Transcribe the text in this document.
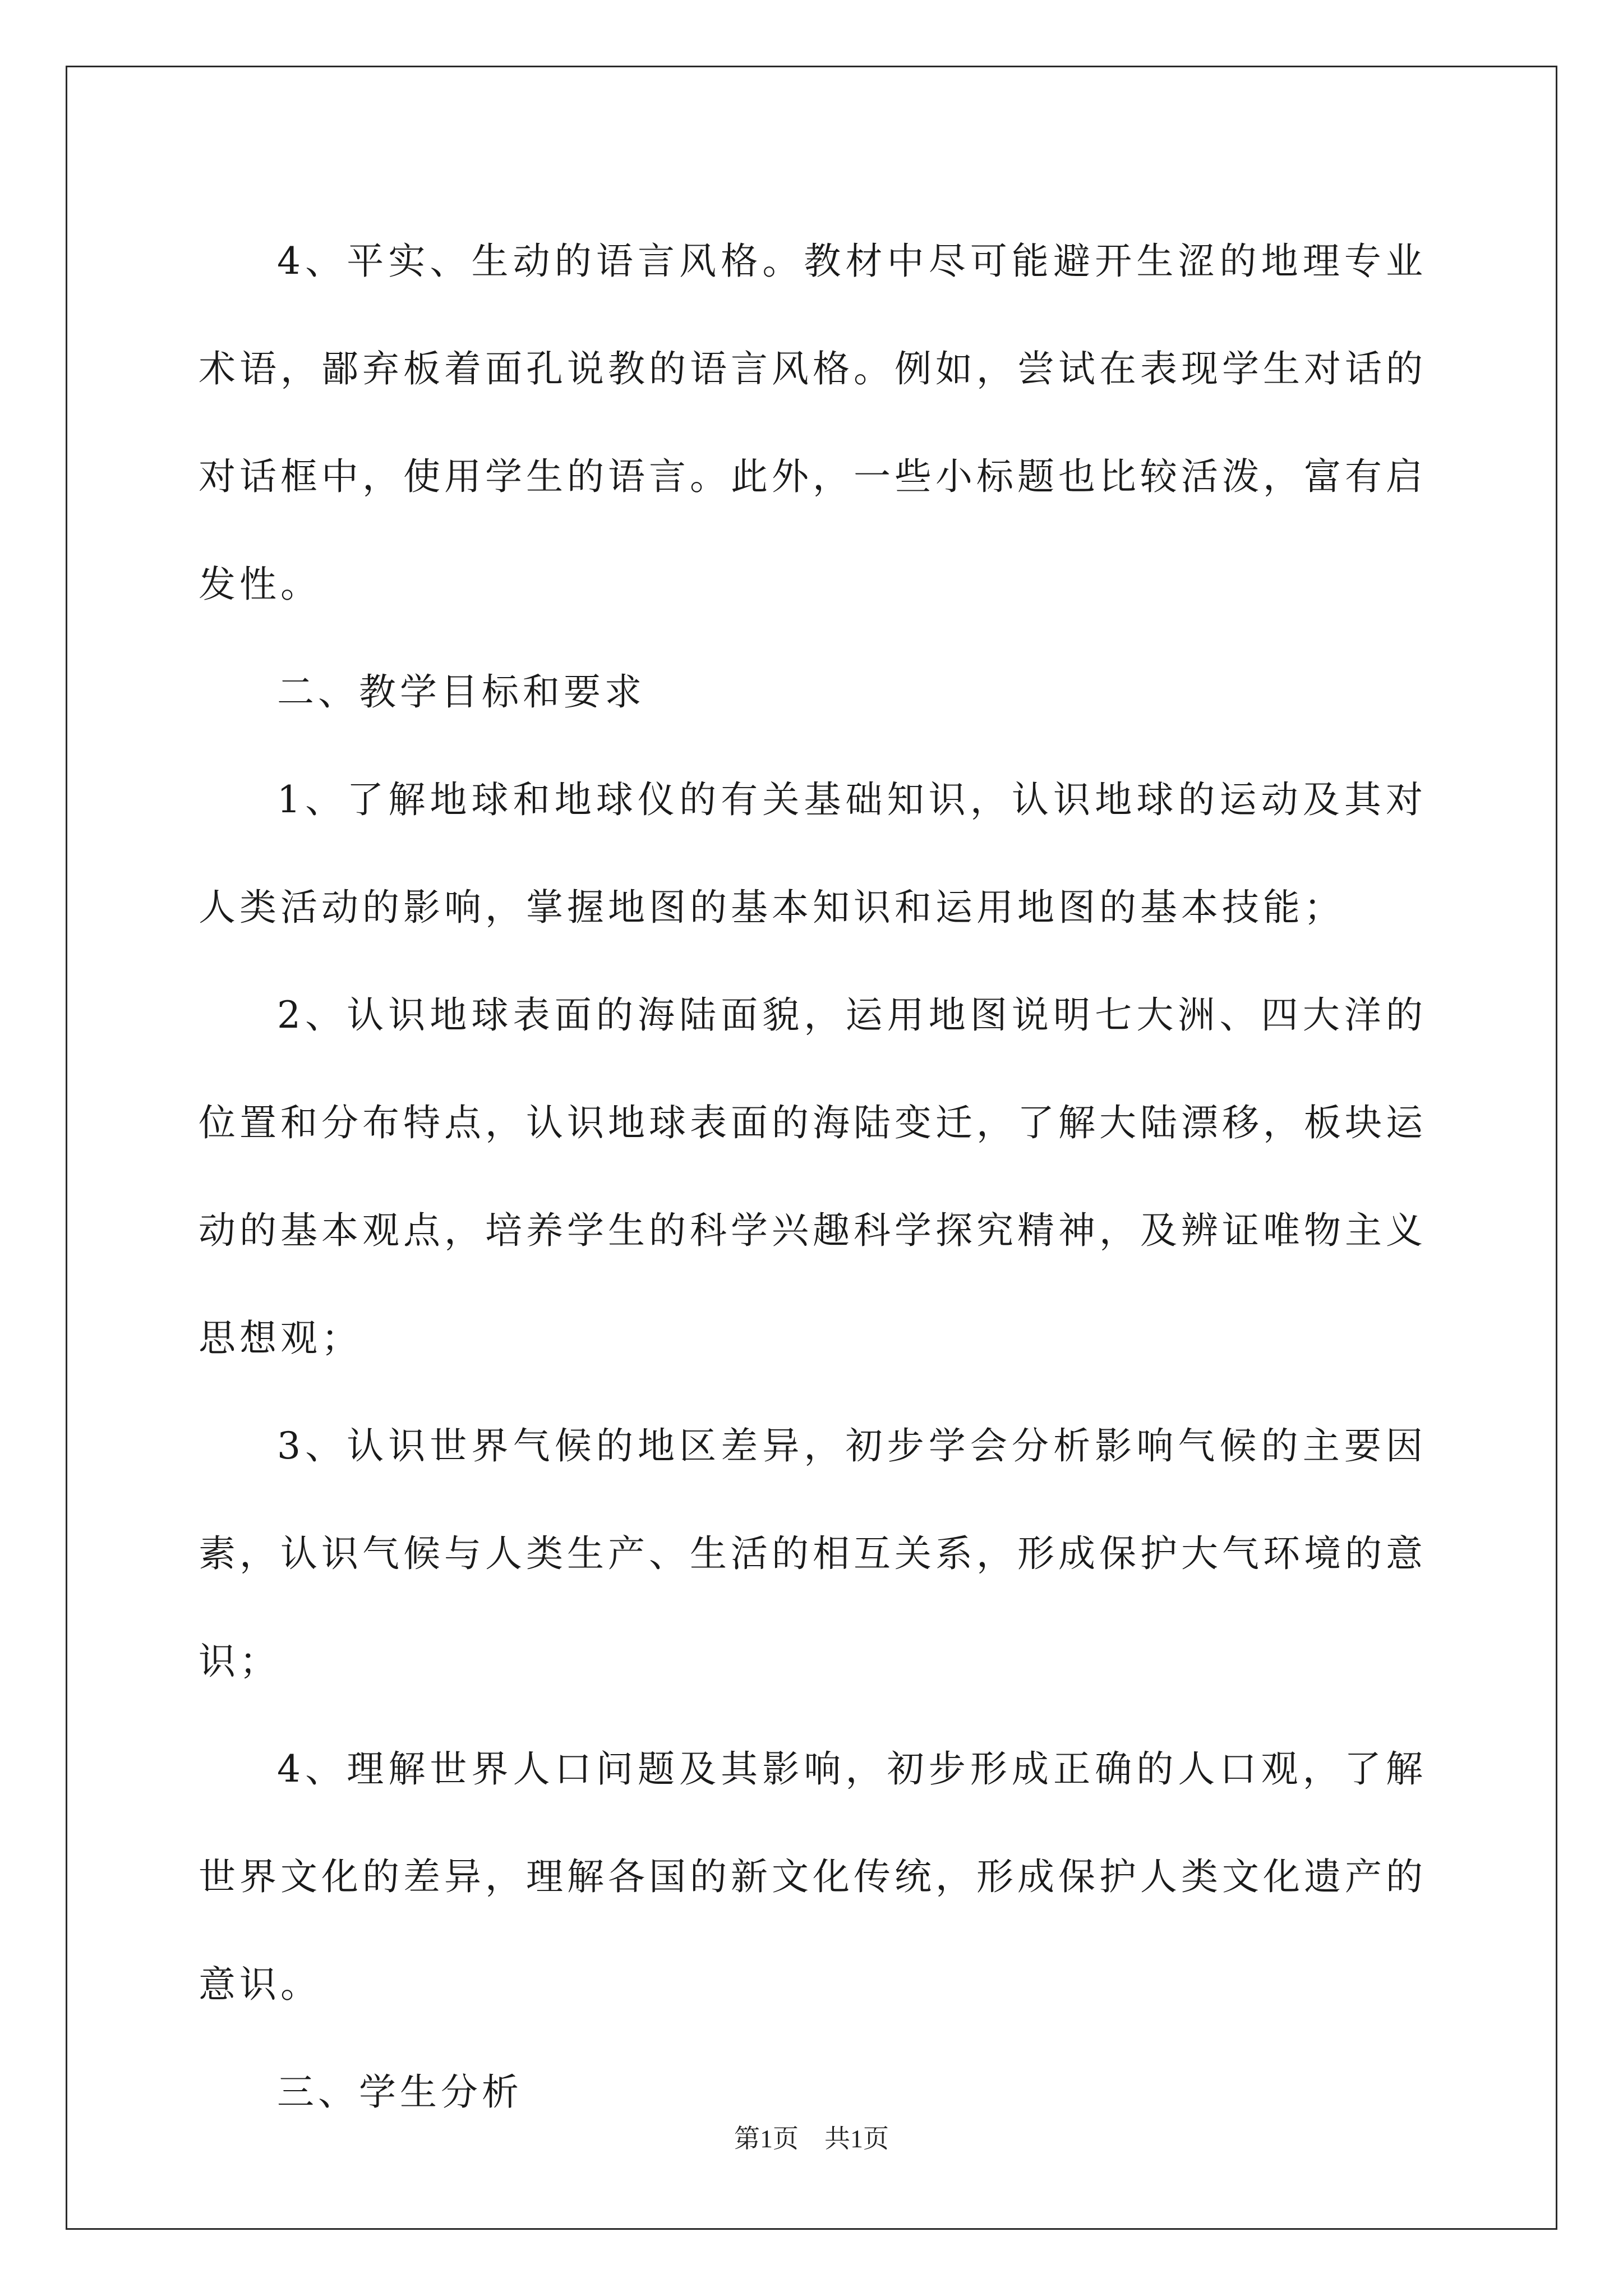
4、平实、生动的语言风格。教材中尽可能避开生涩的地理专业术语，鄙弃板着面孔说教的语言风格。例如，尝试在表现学生对话的对话框中，使用学生的语言。此外，一些小标题也比较活泼，富有启发性。

二、教学目标和要求

1、了解地球和地球仪的有关基础知识，认识地球的运动及其对人类活动的影响，掌握地图的基本知识和运用地图的基本技能；

2、认识地球表面的海陆面貌，运用地图说明七大洲、四大洋的位置和分布特点，认识地球表面的海陆变迁，了解大陆漂移，板块运动的基本观点，培养学生的科学兴趣科学探究精神，及辨证唯物主义思想观；

3、认识世界气候的地区差异，初步学会分析影响气候的主要因素，认识气候与人类生产、生活的相互关系，形成保护大气环境的意识；

4、理解世界人口问题及其影响，初步形成正确的人口观，了解世界文化的差异，理解各国的新文化传统，形成保护人类文化遗产的意识。

三、学生分析

第1页 共1页
